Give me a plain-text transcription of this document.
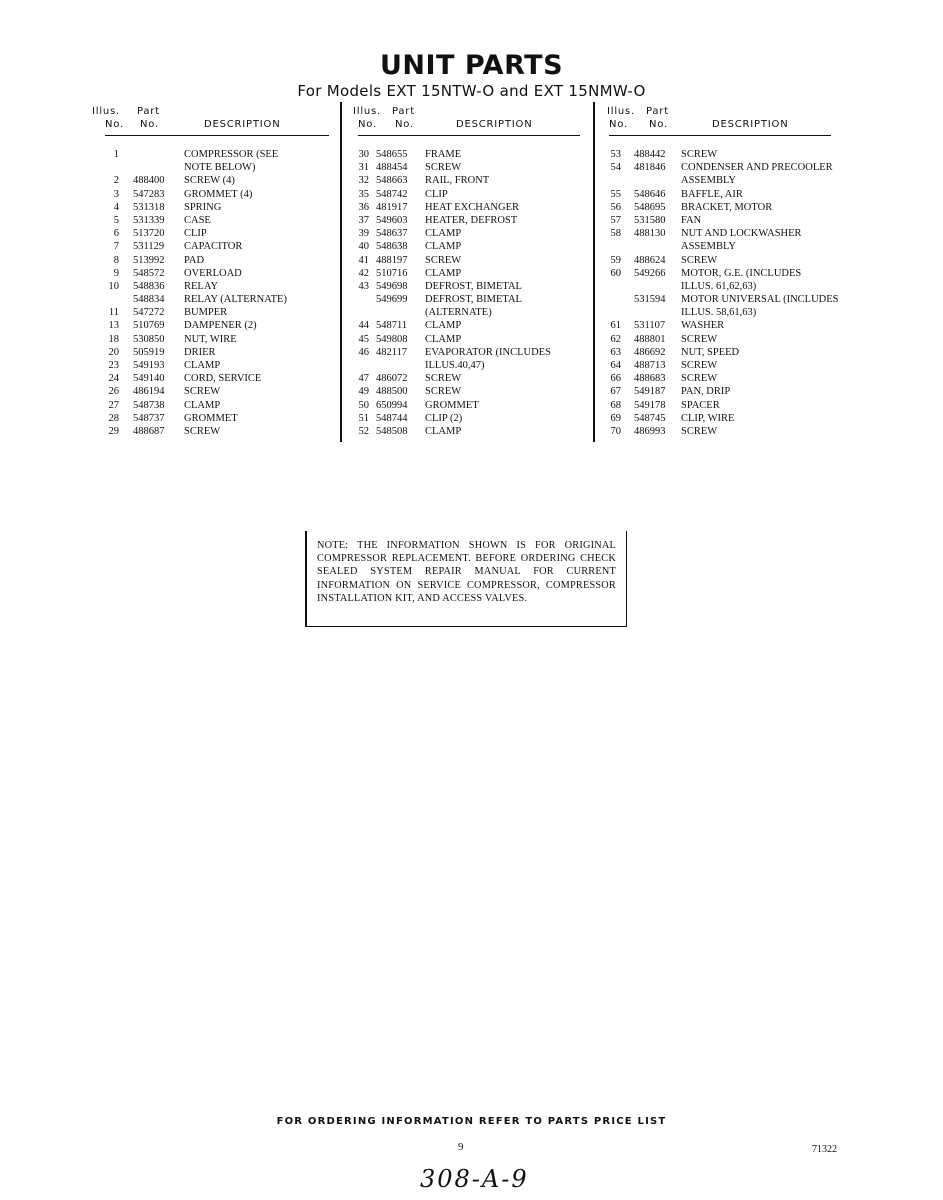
UNIT PARTS
For Models EXT 15NTW-O and EXT 15NMW-O
Illus. Part
No. No.	DESCRIPTION
1	COMPRESSOR (SEE
NOTE BELOW)
2 488400 SCREW (4)
3 547283 GROMMET (4)
4 531318 SPRING
5 531339 CASE
6 513720 CLIP
7 531129 CAPACITOR
8 513992 PAD
9 548572 OVERLOAD
10 548836 RELAY
548834 RELAY (ALTERNATE)
11 547272 BUMPER
13 510769 DAMPENER (2)
18 530850 NUT, WIRE
20 505919 DRIER
23 549193 CLAMP
24 549140 CORD, SERVICE
26 486194 SCREW
27 548738 CLAMP
28 548737 GROMMET
29 488687 SCREW
Illus. Part
No. No.	DESCRIPTION
30 548655 FRAME
31 488454 SCREW
32 548663 RAIL, FRONT
35 548742 CLIP
36 481917 HEAT EXCHANGER
37 549603 HEATER, DEFROST
39 548637 CLAMP
40 548638 CLAMP
41 488197 SCREW
42 510716 CLAMP
43 549698 DEFROST, BIMETAL
549699 DEFROST, BIMETAL
(ALTERNATE)
44 548711 CLAMP
45 549808 CLAMP
46 482117 EVAPORATOR (INCLUDES
ILLUS.40,47)
47 486072 SCREW
49 488500 SCREW
50 650994 GROMMET
51 548744 CLIP (2)
52 548508 CLAMP
Illus. Part
No. No.	DESCRIPTION
53 488442 SCREW
54 481846 CONDENSER AND PRECOOLER
ASSEMBLY
55 548646 BAFFLE, AIR
56 548695 BRACKET, MOTOR
57 531580 FAN
58 488130 NUT AND LOCKWASHER
ASSEMBLY
59 488624 SCREW
60 549266 MOTOR, G.E. (INCLUDES
ILLUS. 61,62,63)
531594 MOTOR UNIVERSAL (INCLUDES
ILLUS. 58,61,63)
61 531107 WASHER
62 488801 SCREW
63 486692 NUT, SPEED
64 488713 SCREW
66 488683 SCREW
67 549187 PAN, DRIP
68 549178 SPACER
69 548745 CLIP, WIRE
70 486993 SCREW
NOTE: THE INFORMATION SHOWN IS FOR ORIGINAL COMPRESSOR REPLACEMENT. BEFORE ORDERING CHECK SEALED SYSTEM REPAIR MANUAL FOR CURRENT INFORMATION ON SERVICE COMPRESSOR, COMPRESSOR INSTALLATION KIT, AND ACCESS VALVES.
FOR ORDERING INFORMATION REFER TO PARTS PRICE LIST
9	71322
308-A-9
